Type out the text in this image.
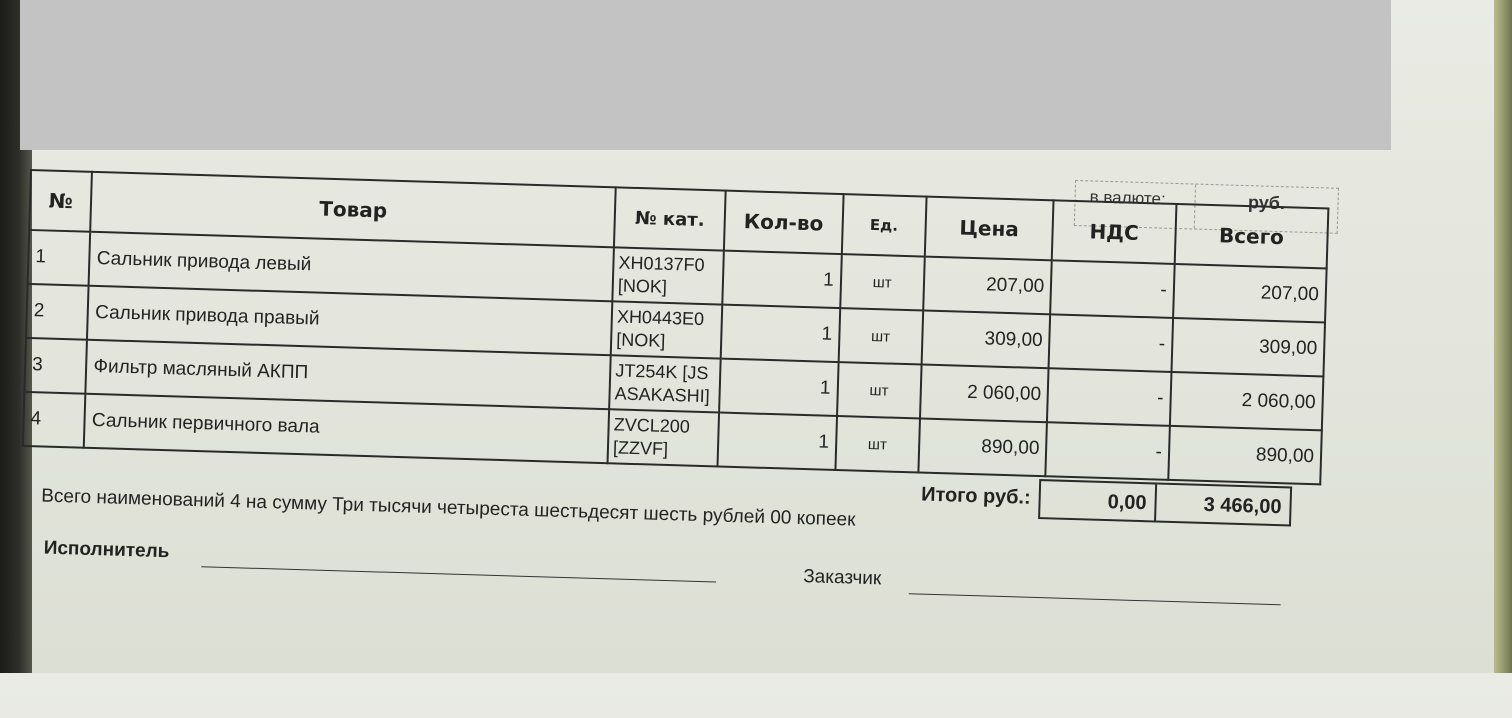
в валюте:	руб.
№	Товар	№ кат.	Кол-во	Ед.	Цена	НДС	Всего
1	Сальник привода левый	XH0137F0 [NOK]	1	шт	207,00	-	207,00
2	Сальник привода правый	XH0443E0 [NOK]	1	шт	309,00	-	309,00
3	Фильтр масляный АКПП	JT254K [JS ASAKASHI]	1	шт	2 060,00	-	2 060,00
4	Сальник первичного вала	ZVCL200 [ZZVF]	1	шт	890,00	-	890,00
Итого руб.:	0,00	3 466,00
Всего наименований 4 на сумму Три тысячи четыреста шестьдесят шесть рублей 00 копеек
Исполнитель
Заказчик
